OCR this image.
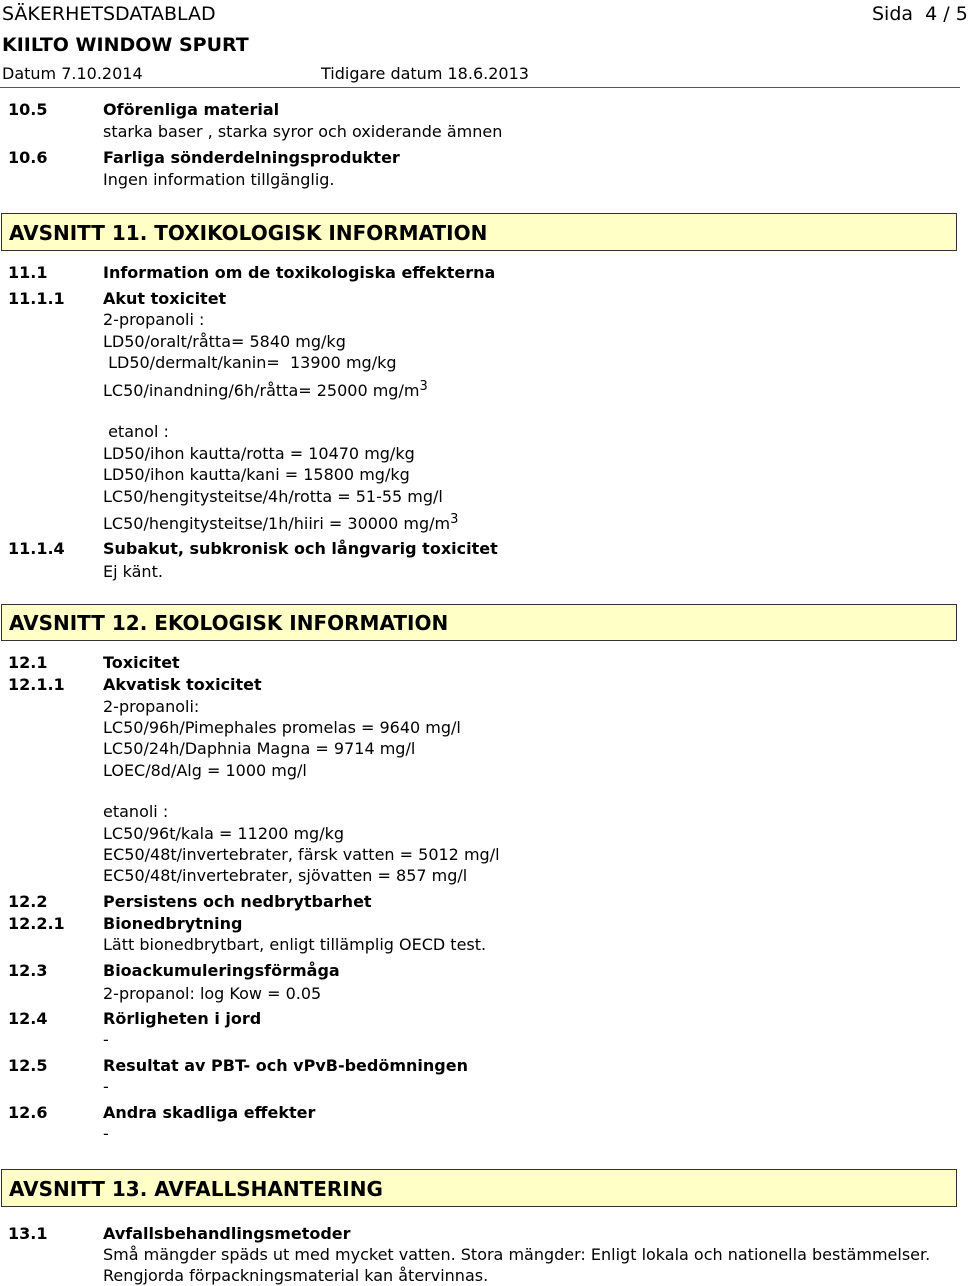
SÄKERHETSDATABLAD	Sida 4 / 5
KIILTO WINDOW SPURT
Datum 7.10.2014	Tidigare datum 18.6.2013
10.5	Oförenliga material
starka baser , starka syror och oxiderande ämnen
10.6	Farliga sönderdelningsprodukter
Ingen information tillgänglig.
AVSNITT 11. TOXIKOLOGISK INFORMATION
11.1	Information om de toxikologiska effekterna
11.1.1 Akut toxicitet
2-propanoli :
LD50/oralt/råtta= 5840 mg/kg
LD50/dermalt/kanin=  13900 mg/kg
LC50/inandning/6h/råtta= 25000 $mg/m^3$
etanol :
LD50/ihon kautta/rotta = 10470 mg/kg
LD50/ihon kautta/kani = 15800 mg/kg
LC50/hengitysteitse/4h/rotta = 51-55 mg/l
LC50/hengitysteitse/1h/hiiri = 30000 $mg/m^3$
11.1.4 Subakut, subkronisk och långvarig toxicitet
Ej känt.
AVSNITT 12. EKOLOGISK INFORMATION
12.1	Toxicitet
12.1.1 Akvatisk toxicitet
2-propanoli:
LC50/96h/Pimephales promelas = 9640 mg/l
LC50/24h/Daphnia Magna = 9714 mg/l
LOEC/8d/Alg = 1000 mg/l
etanoli :
LC50/96t/kala = 11200 mg/kg
EC50/48t/invertebrater, färsk vatten = 5012 mg/l
EC50/48t/invertebrater, sjövatten = 857 mg/l
12.2	Persistens och nedbrytbarhet
12.2.1 Bionedbrytning
Lätt bionedbrytbart, enligt tillämplig OECD test.
12.3	Bioackumuleringsförmåga
2-propanol: log Kow = 0.05
12.4	Rörligheten i jord
-
12.5	Resultat av PBT- och vPvB-bedömningen
-
12.6	Andra skadliga effekter
-
AVSNITT 13. AVFALLSHANTERING
13.1	Avfallsbehandlingsmetoder
Små mängder späds ut med mycket vatten. Stora mängder: Enligt lokala och nationella bestämmelser.
Rengjorda förpackningsmaterial kan återvinnas.
